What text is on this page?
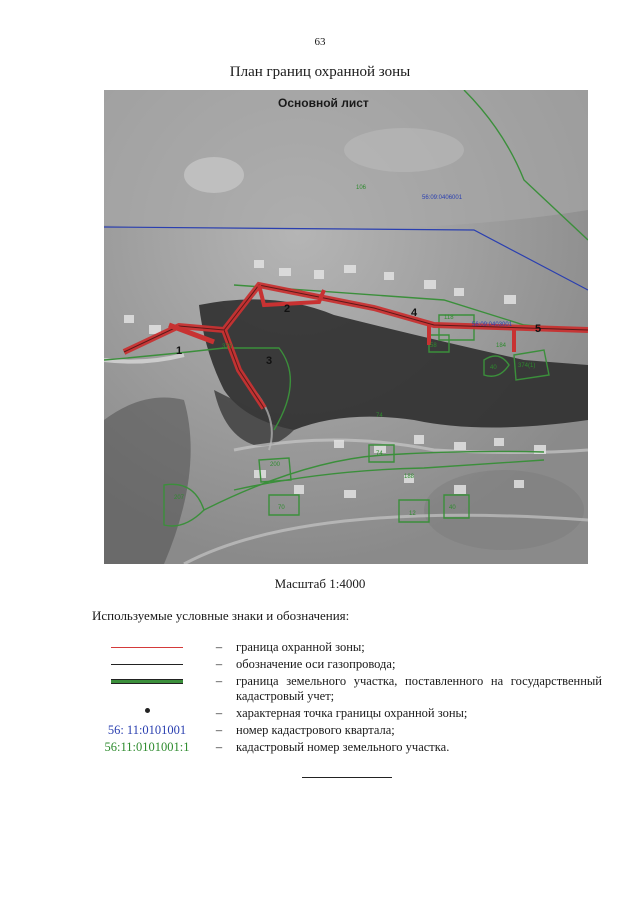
63
План границ охранной зоны
Основной лист
56:09:0406001
56:09:0403001
1
2
3
4
5
106
379
74
200
188
207
70
74
12
40
118
58
40
184
374(1)
Масштаб 1:4000
Используемые условные знаки и обозначения:
–	граница охранной зоны;
–	обозначение оси газопровода;
–	граница земельного участка, поставленного на государственный кадастровый учет;
–	характерная точка границы охранной зоны;
56: 11:0101001	–	номер кадастрового квартала;
56:11:0101001:1	–	кадастровый номер земельного участка.
